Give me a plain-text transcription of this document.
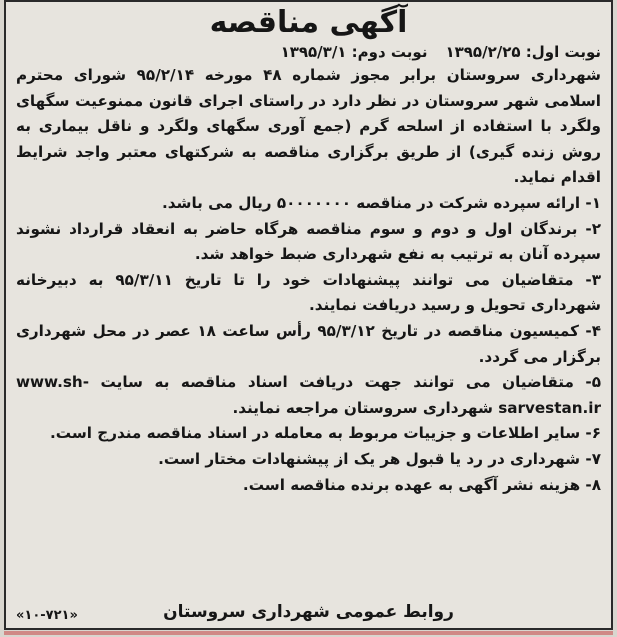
آگهی مناقصه
نوبت اول: ۱۳۹۵/۲/۲۵
نوبت دوم: ۱۳۹۵/۳/۱

شهرداری سروستان برابر مجوز شماره ۴۸ مورخه ۹۵/۲/۱۴ شورای محترم اسلامی شهر سروستان در نظر دارد در راستای اجرای قانون ممنوعیت سگهای ولگرد با استفاده از اسلحه گرم (جمع آوری سگهای ولگرد و ناقل بیماری به روش زنده گیری) از طریق برگزاری مناقصه به شرکتهای معتبر واجد شرایط اقدام نماید.

۱- ارائه سپرده شرکت در مناقصه ۵۰۰۰۰۰۰۰ ریال می باشد.

۲- برندگان اول و دوم و سوم مناقصه هرگاه حاضر به انعقاد قرارداد نشوند سپرده آنان به ترتیب به نفع شهرداری ضبط خواهد شد.

۳- متقاضیان می توانند پیشنهادات خود را تا تاریخ ۹۵/۳/۱۱ به دبیرخانه شهرداری تحویل و رسید دریافت نمایند.

۴- کمیسیون مناقصه در تاریخ ۹۵/۳/۱۲ رأس ساعت ۱۸ عصر در محل شهرداری برگزار می گردد.

۵- متقاضیان می توانند جهت دریافت اسناد مناقصه به سایت www.sh-sarvestan.ir شهرداری سروستان مراجعه نمایند.

۶- سایر اطلاعات و جزییات مربوط به معامله در اسناد مناقصه مندرج است.

۷- شهرداری در رد یا قبول هر یک از پیشنهادات مختار است.

۸- هزینه نشر آگهی به عهده برنده مناقصه است.

روابط عمومی شهرداری سروستان
«۱۰-۷۲۱»
